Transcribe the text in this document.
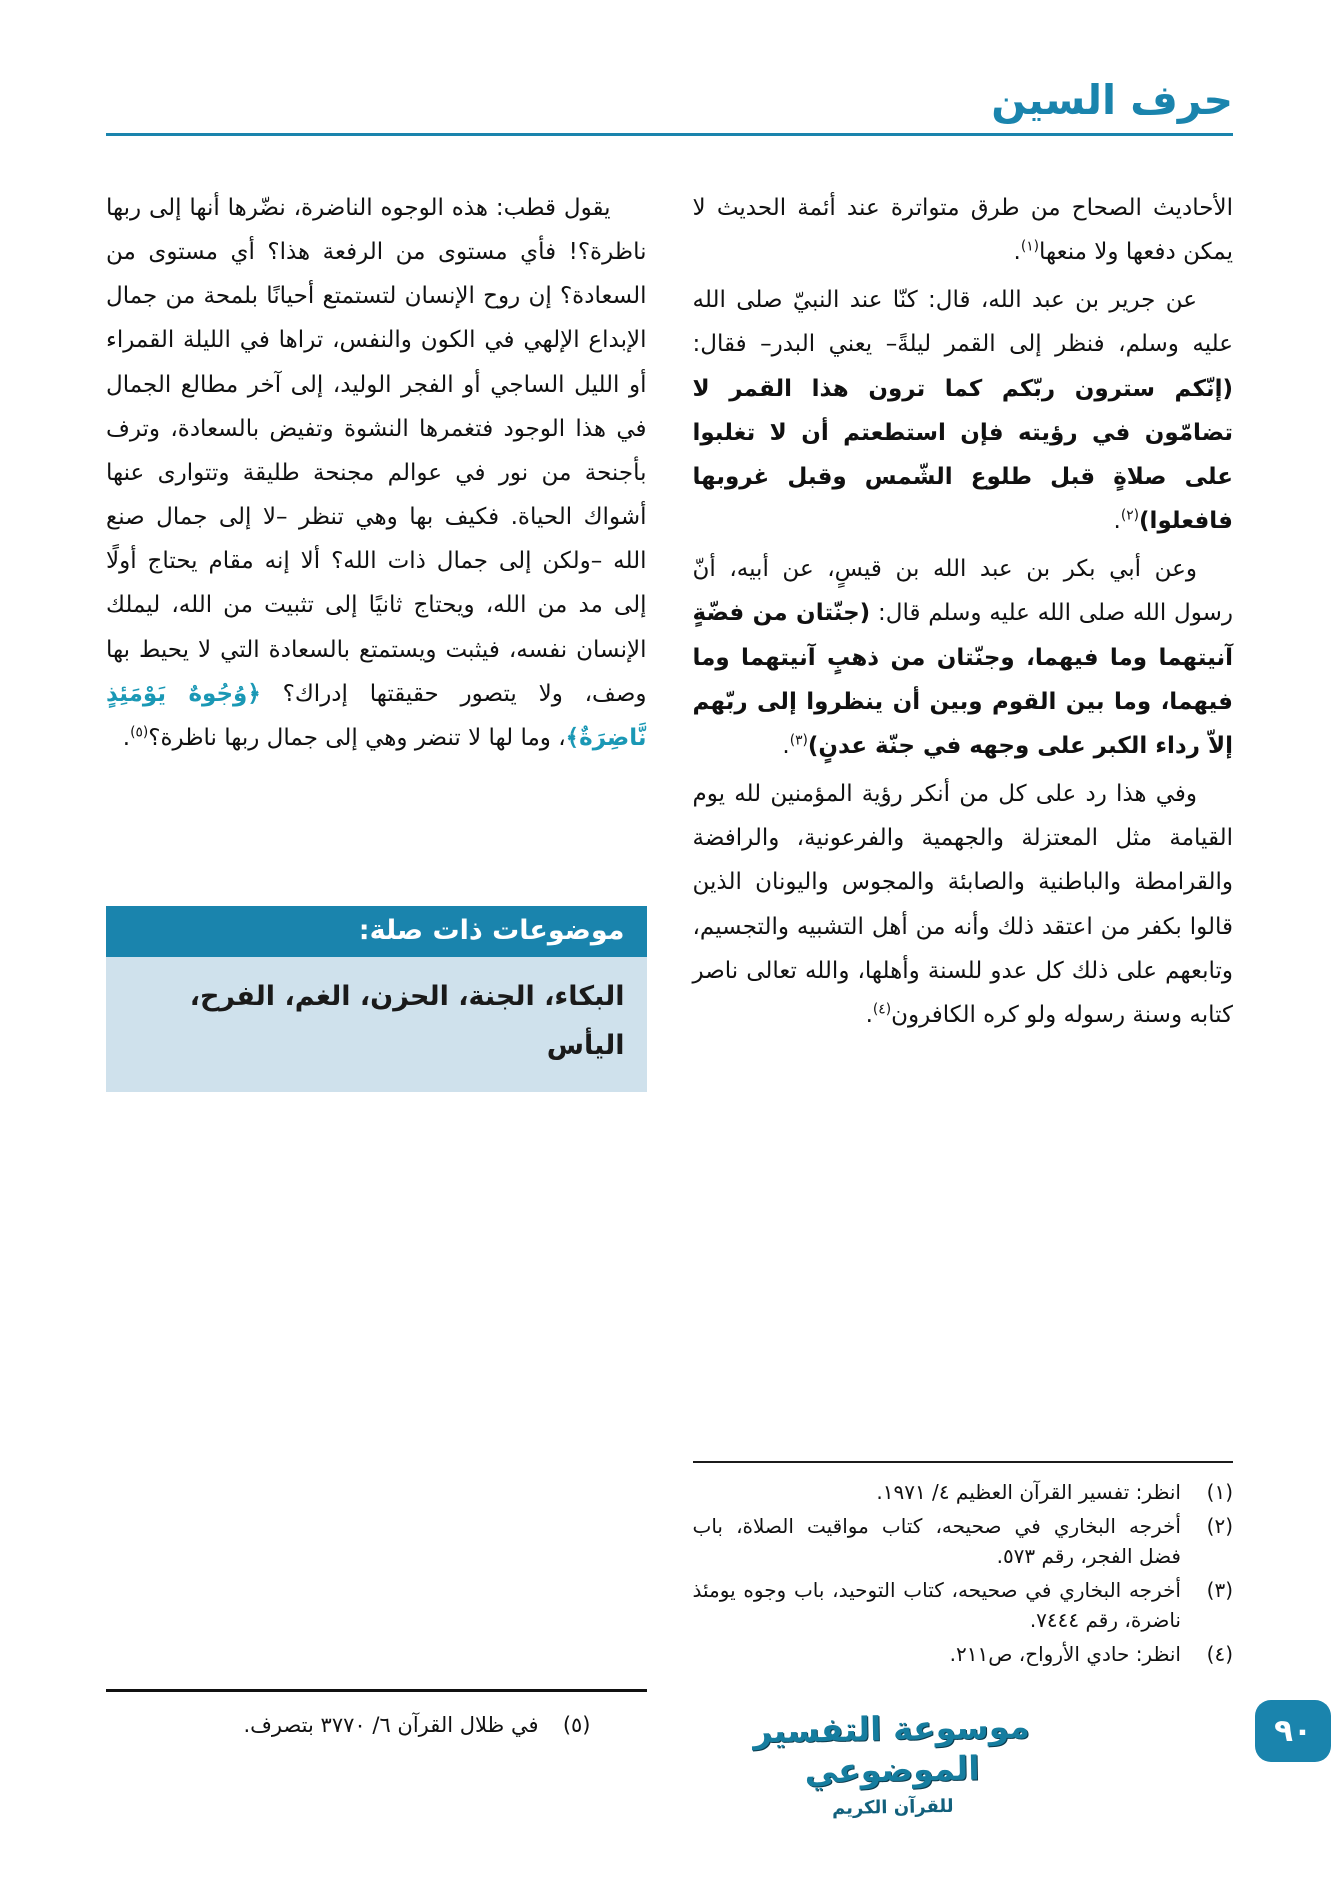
حرف السين

الأحاديث الصحاح من طرق متواترة عند أئمة الحديث لا يمكن دفعها ولا منعها$^{(١)}$.

عن جرير بن عبد الله، قال: كنّا عند النبيّ صلى الله عليه وسلم، فنظر إلى القمر ليلةً– يعني البدر– فقال: (إنّكم سترون ربّكم كما ترون هذا القمر لا تضامّون في رؤيته فإن استطعتم أن لا تغلبوا على صلاةٍ قبل طلوع الشّمس وقبل غروبها فافعلوا)$^{(٢)}$.

وعن أبي بكر بن عبد الله بن قيسٍ، عن أبيه، أنّ رسول الله صلى الله عليه وسلم قال: (جنّتان من فضّةٍ آنيتهما وما فيهما، وجنّتان من ذهبٍ آنيتهما وما فيهما، وما بين القوم وبين أن ينظروا إلى ربّهم إلاّ رداء الكبر على وجهه في جنّة عدنٍ)$^{(٣)}$.

وفي هذا رد على كل من أنكر رؤية المؤمنين لله يوم القيامة مثل المعتزلة والجهمية والفرعونية، والرافضة والقرامطة والباطنية والصابئة والمجوس واليونان الذين قالوا بكفر من اعتقد ذلك وأنه من أهل التشبيه والتجسيم، وتابعهم على ذلك كل عدو للسنة وأهلها، والله تعالى ناصر كتابه وسنة رسوله ولو كره الكافرون$^{(٤)}$.

(١)
انظر: تفسير القرآن العظيم ٤/ ١٩٧١.
(٢)
أخرجه البخاري في صحيحه، كتاب مواقيت الصلاة، باب فضل الفجر، رقم ٥٧٣.
(٣)
أخرجه البخاري في صحيحه، كتاب التوحيد، باب وجوه يومئذ ناضرة، رقم ٧٤٤٤.
(٤)
انظر: حادي الأرواح، ص٢١١.

يقول قطب: هذه الوجوه الناضرة، نضّرها أنها إلى ربها ناظرة؟! فأي مستوى من الرفعة هذا؟ أي مستوى من السعادة؟ إن روح الإنسان لتستمتع أحيانًا بلمحة من جمال الإبداع الإلهي في الكون والنفس، تراها في الليلة القمراء أو الليل الساجي أو الفجر الوليد، إلى آخر مطالع الجمال في هذا الوجود فتغمرها النشوة وتفيض بالسعادة، وترف بأجنحة من نور في عوالم مجنحة طليقة وتتوارى عنها أشواك الحياة. فكيف بها وهي تنظر –لا إلى جمال صنع الله –ولكن إلى جمال ذات الله؟ ألا إنه مقام يحتاج أولًا إلى مد من الله، ويحتاج ثانيًا إلى تثبيت من الله، ليملك الإنسان نفسه، فيثبت ويستمتع بالسعادة التي لا يحيط بها وصف، ولا يتصور حقيقتها إدراك؟ ﴿وُجُوهٌ يَوْمَئِذٍ نَّاضِرَةٌ﴾، وما لها لا تنضر وهي إلى جمال ربها ناظرة؟$^{(٥)}$.

موضوعات ذات صلة:
البكاء، الجنة، الحزن، الغم، الفرح، اليأس
(٥)
في ظلال القرآن ٦/ ٣٧٧٠ بتصرف.	موسوعة التفسير الموضوعي
للقرآن الكريم
٩٠
